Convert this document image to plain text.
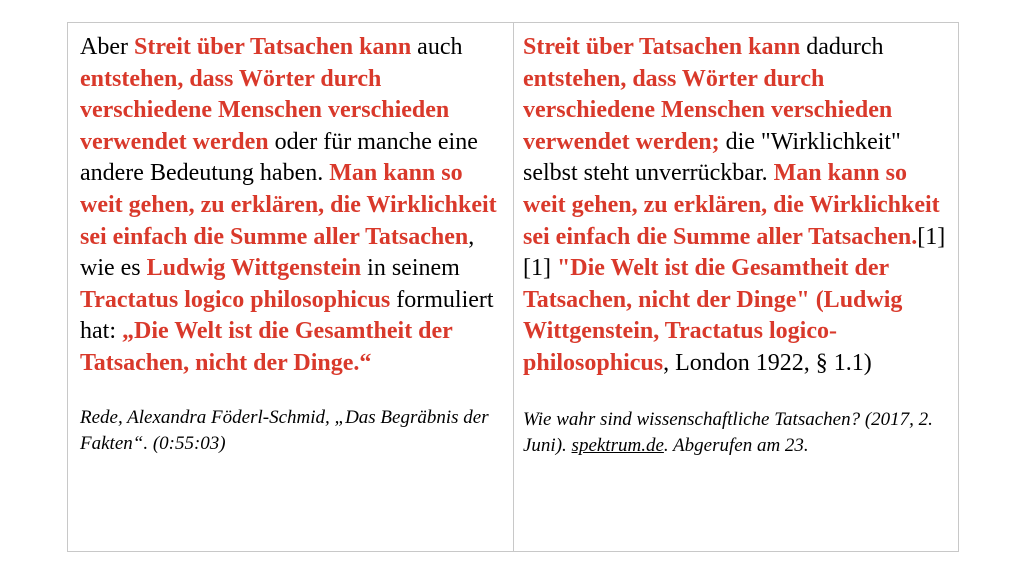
Aber Streit über Tatsachen kann auch entstehen, dass Wörter durch verschiedene Menschen verschieden verwendet werden oder für manche eine andere Bedeutung haben. Man kann so weit gehen, zu erklären, die Wirklichkeit sei einfach die Summe aller Tatsachen, wie es Ludwig Wittgenstein in seinem Tractatus logico philosophicus formuliert hat: „Die Welt ist die Gesamtheit der Tatsachen, nicht der Dinge.“

Rede, Alexandra Föderl-Schmid, „Das Begräbnis der Fakten“. (0:55:03)

Streit über Tatsachen kann dadurch entstehen, dass Wörter durch verschiedene Menschen verschieden verwendet werden; die "Wirklichkeit" selbst steht unverrückbar. Man kann so weit gehen, zu erklären, die Wirklichkeit sei einfach die Summe aller Tatsachen.[1]
[1] "Die Welt ist die Gesamtheit der Tatsachen, nicht der Dinge" (Ludwig Wittgenstein, Tractatus logico-philosophicus, London 1922, § 1.1)

Wie wahr sind wissenschaftliche Tatsachen? (2017, 2. Juni). spektrum.de. Abgerufen am 23.
